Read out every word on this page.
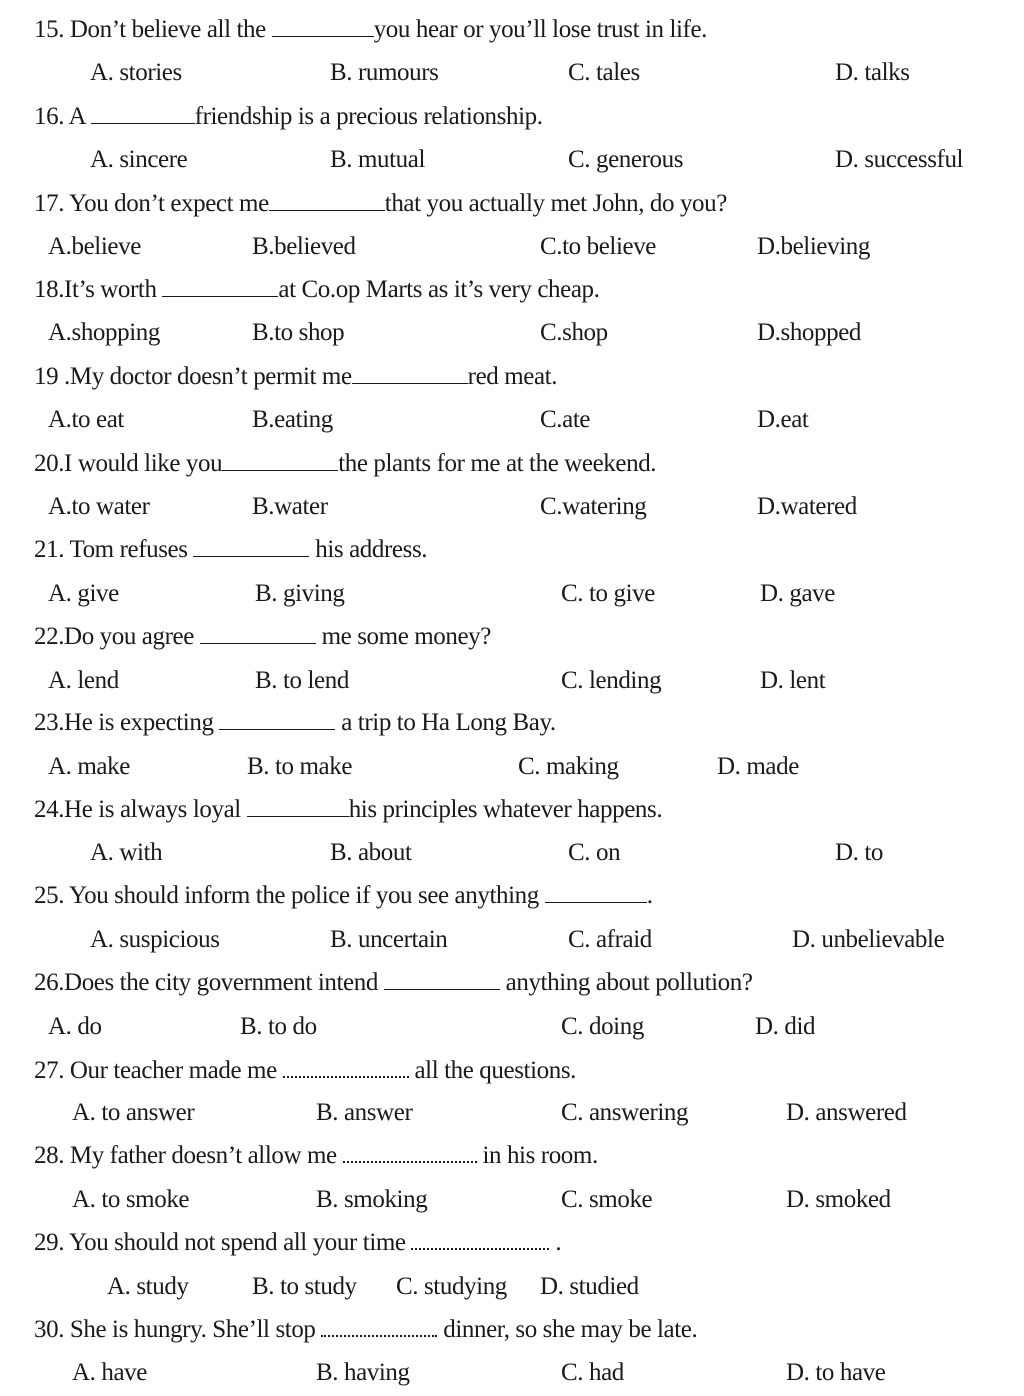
15. Don’t believe all the	you hear or you’ll lose trust in life.
A. stories	B. rumours	C. tales	D. talks
16. A	friendship is a precious relationship.
A. sincere	B. mutual	C. generous	D. successful
17. You don’t expect me	that you actually met John, do you?
A.believe	B.believed	C.to believe	D.believing
18.It’s worth	at Co.op Marts as it’s very cheap.
A.shopping	B.to shop	C.shop	D.shopped
19 .My doctor doesn’t permit me	red meat.
A.to eat	B.eating	C.ate	D.eat
20.I would like you	the plants for me at the weekend.
A.to water	B.water	C.watering	D.watered
21. Tom refuses	his address.
A. give	B. giving	C. to give	D. gave
22.Do you agree	me some money?
A. lend	B. to lend	C. lending	D. lent
23.He is expecting	a trip to Ha Long Bay.
A. make	B. to make	C. making	D. made
24.He is always loyal	his principles whatever happens.
A. with	B. about	C. on	D. to
25. You should inform the police if you see anything	.
A. suspicious	B. uncertain	C. afraid	D. unbelievable
26.Does the city government intend	anything about pollution?
A. do	B. to do	C. doing	D. did
27. Our teacher made me	all the questions.
A. to answer	B. answer	C. answering	D. answered
28. My father doesn’t allow me	in his room.
A. to smoke	B. smoking	C. smoke	D. smoked
29. You should not spend all your time	.
A. study	B. to study C. studying D. studied
30. She is hungry. She’ll stop	dinner, so she may be late.
A. have	B. having	C. had	D. to have
